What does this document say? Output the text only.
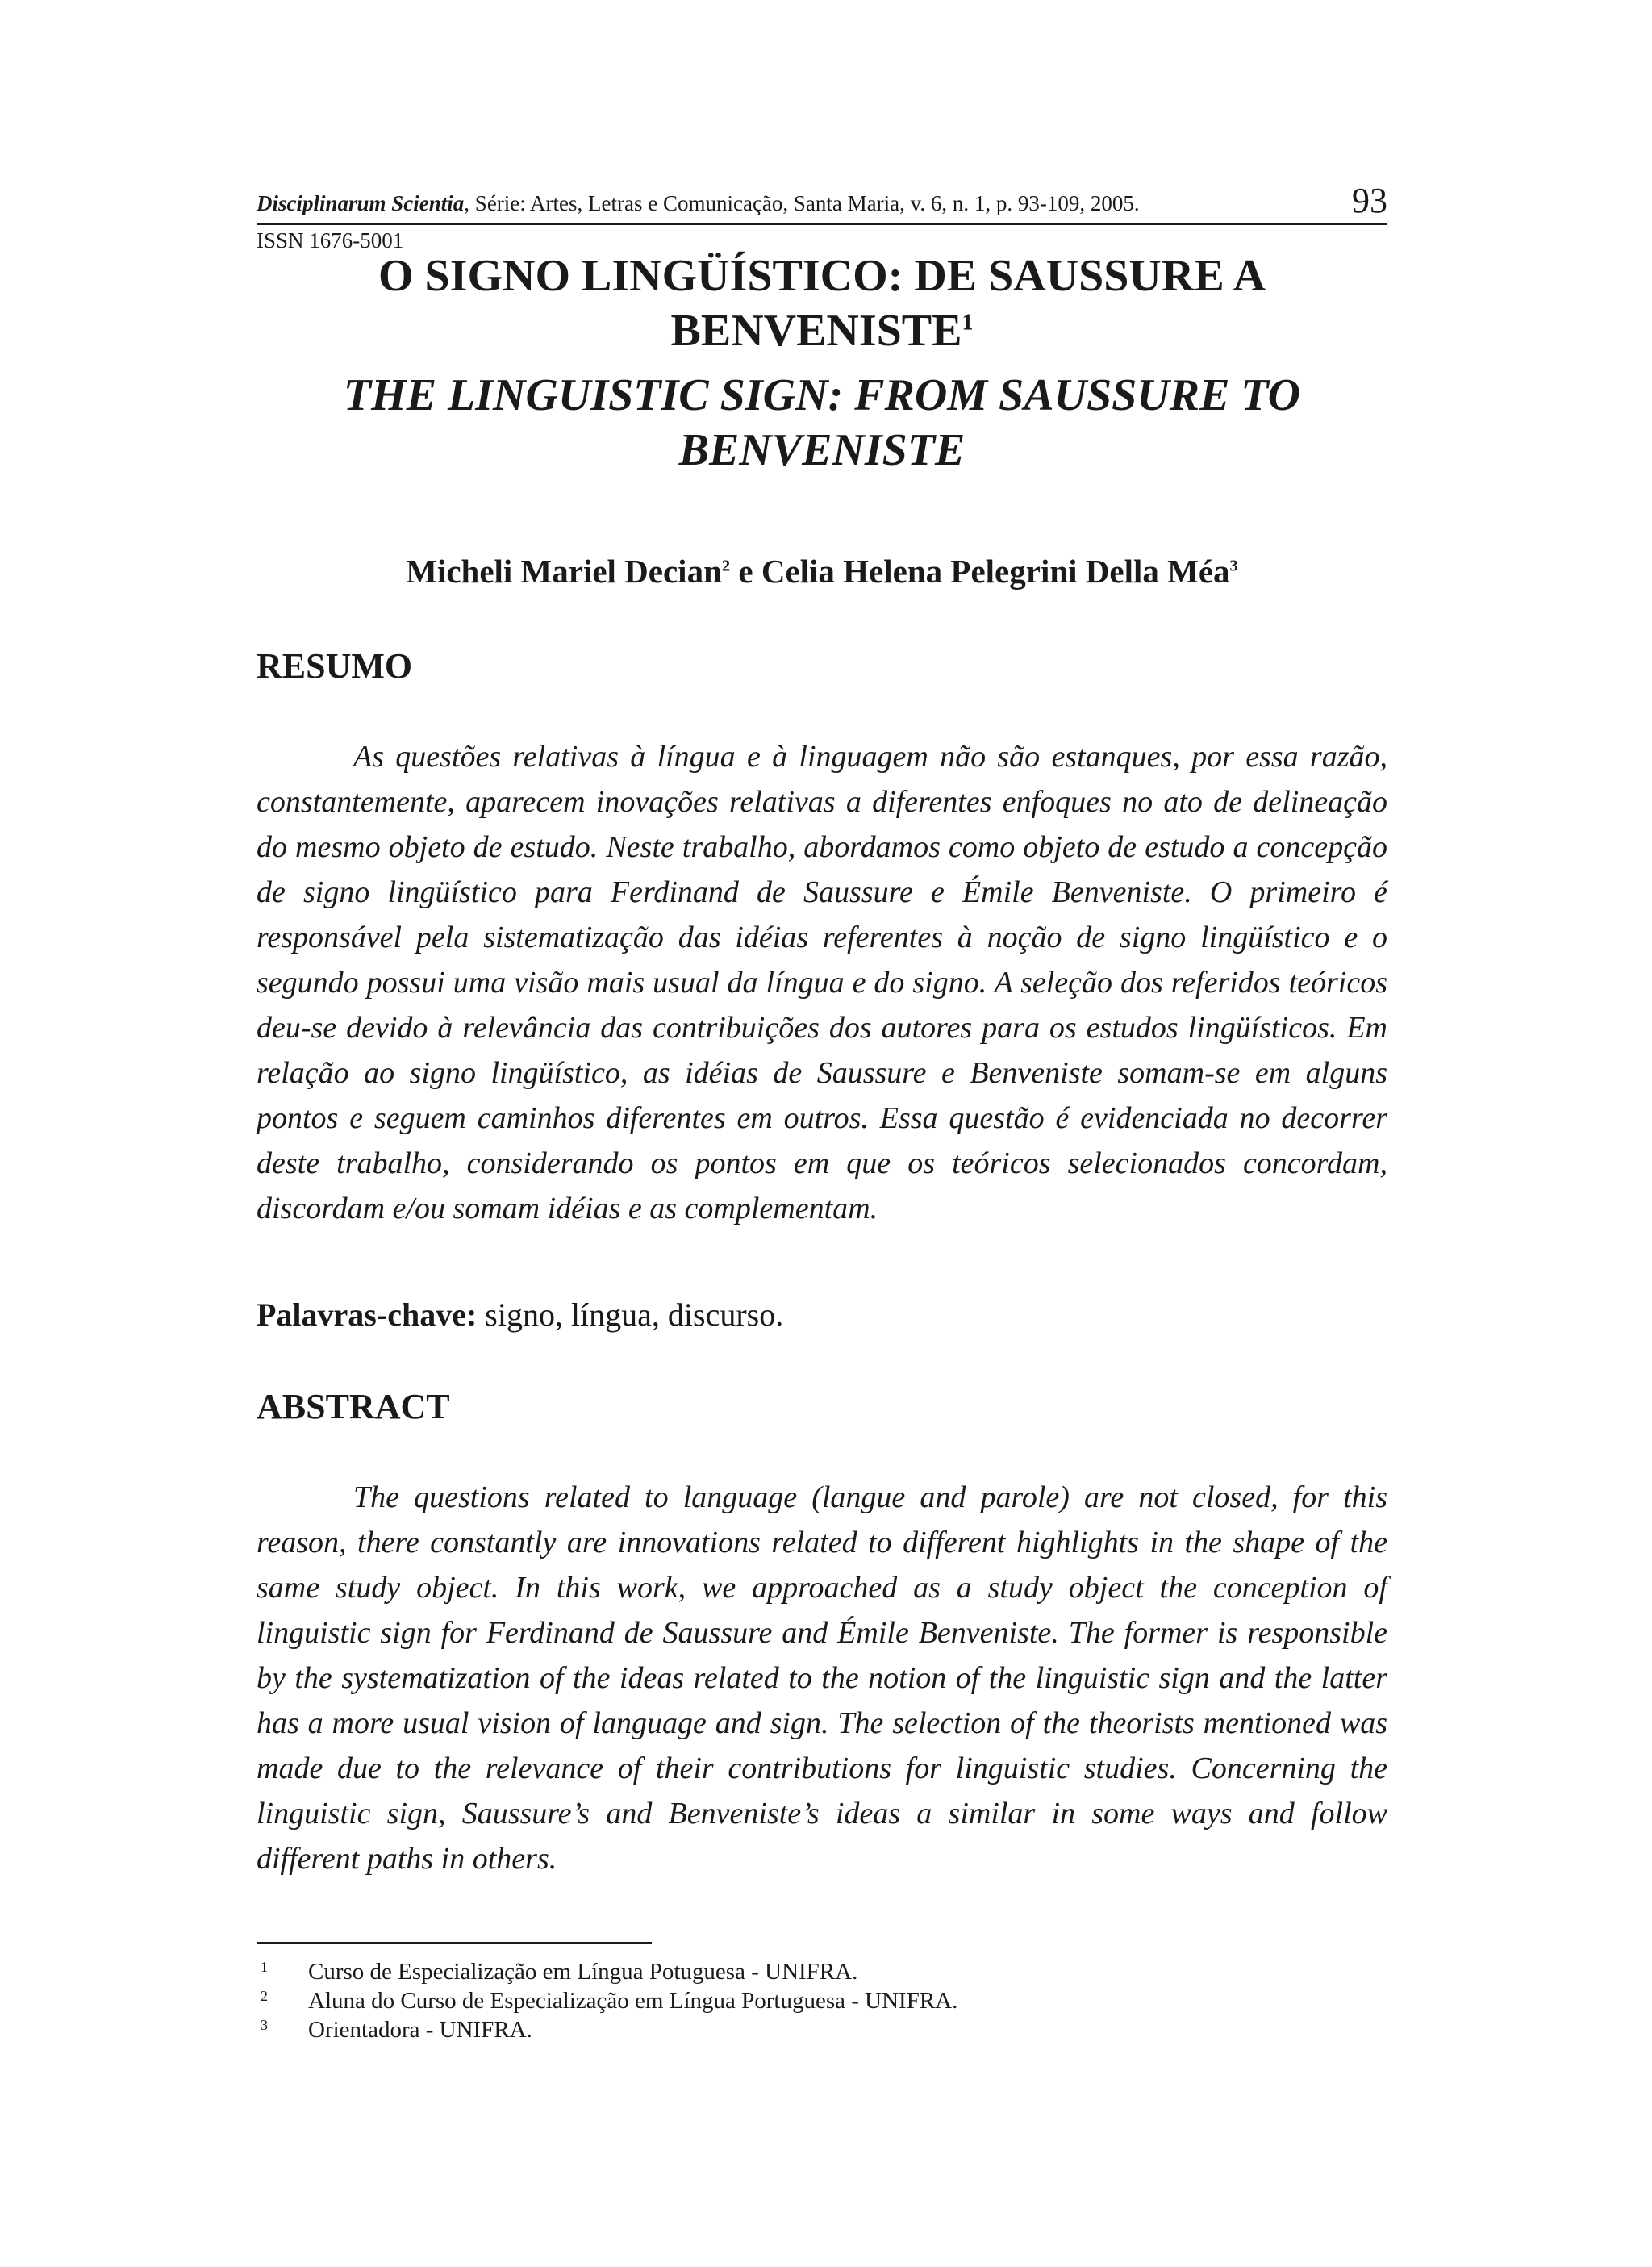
Disciplinarum Scientia, Série: Artes, Letras e Comunicação, Santa Maria, v. 6, n. 1, p. 93-109, 2005.	93
ISSN 1676-5001
O SIGNO LINGÜÍSTICO: DE SAUSSURE A
BENVENISTE$^1$
THE LINGUISTIC SIGN: FROM SAUSSURE TO
BENVENISTE
Micheli Mariel Decian$^2$ e Celia Helena Pelegrini Della Méa$^3$
RESUMO

As questões relativas à língua e à linguagem não são estanques, por essa razão, constantemente, aparecem inovações relativas a diferentes enfoques no ato de delineação do mesmo objeto de estudo. Neste trabalho, abordamos como objeto de estudo a concepção de signo lingüístico para Ferdinand de Saussure e Émile Benveniste. O primeiro é responsável pela sistematização das idéias referentes à noção de signo lingüístico e o segundo possui uma visão mais usual da língua e do signo. A seleção dos referidos teóricos deu-se devido à relevância das contribuições dos autores para os estudos lingüísticos. Em relação ao signo lingüístico, as idéias de Saussure e Benveniste somam-se em alguns pontos e seguem caminhos diferentes em outros. Essa questão é evidenciada no decorrer deste trabalho, considerando os pontos em que os teóricos selecionados concordam, discordam e/ou somam idéias e as complementam.

Palavras-chave: signo, língua, discurso.
ABSTRACT

The questions related to language (langue and parole) are not closed, for this reason, there constantly are innovations related to different highlights in the shape of the same study object. In this work, we approached as a study object the conception of linguistic sign for Ferdinand de Saussure and Émile Benveniste. The former is responsible by the systematization of the ideas related to the notion of the linguistic sign and the latter has a more usual vision of language and sign. The selection of the theorists mentioned was made due to the relevance of their contributions for linguistic studies. Concerning the linguistic sign, Saussure’s and Benveniste’s ideas a similar in some ways and follow different paths in others.

1 Curso de Especialização em Língua Potuguesa - UNIFRA.
2 Aluna do Curso de Especialização em Língua Portuguesa - UNIFRA.
3 Orientadora - UNIFRA.
